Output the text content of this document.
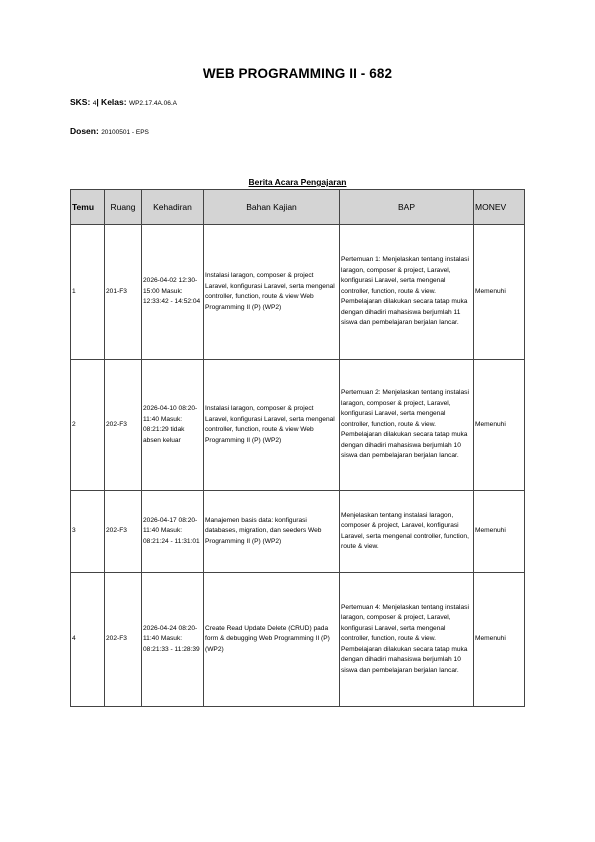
WEB PROGRAMMING II - 682
SKS: 4| Kelas: WP2.17.4A.06.A
Dosen: 20100501 - EPS
Berita Acara Pengajaran
Temu	Ruang	Kehadiran	Bahan Kajian	BAP	MONEV
1	201-F3	2026-04-02 12:30-15:00 Masuk: 12:33:42 - 14:52:04	Instalasi laragon, composer & project Laravel, konfigurasi Laravel, serta mengenal controller, function, route & view Web Programming II (P) (WP2)	Pertemuan 1: Menjelaskan tentang instalasi laragon, composer & project, Laravel, konfigurasi Laravel, serta mengenal controller, function, route & view. Pembelajaran dilakukan secara tatap muka dengan dihadiri mahasiswa berjumlah 11 siswa dan pembelajaran berjalan lancar.	Memenuhi
2	202-F3	2026-04-10 08:20-11:40 Masuk: 08:21:29 tidak absen keluar	Instalasi laragon, composer & project Laravel, konfigurasi Laravel, serta mengenal controller, function, route & view Web Programming II (P) (WP2)	Pertemuan 2: Menjelaskan tentang instalasi laragon, composer & project, Laravel, konfigurasi Laravel, serta mengenal controller, function, route & view. Pembelajaran dilakukan secara tatap muka dengan dihadiri mahasiswa berjumlah 10 siswa dan pembelajaran berjalan lancar.	Memenuhi
3	202-F3	2026-04-17 08:20-11:40 Masuk: 08:21:24 - 11:31:01	Manajemen basis data: konfigurasi databases, migration, dan seeders Web Programming II (P) (WP2)	Menjelaskan tentang instalasi laragon, composer & project, Laravel, konfigurasi Laravel, serta mengenal controller, function, route & view.	Memenuhi
4	202-F3	2026-04-24 08:20-11:40 Masuk: 08:21:33 - 11:28:39	Create Read Update Delete (CRUD) pada form & debugging Web Programming II (P) (WP2)	Pertemuan 4: Menjelaskan tentang instalasi laragon, composer & project, Laravel, konfigurasi Laravel, serta mengenal controller, function, route & view. Pembelajaran dilakukan secara tatap muka dengan dihadiri mahasiswa berjumlah 10 siswa dan pembelajaran berjalan lancar.	Memenuhi
